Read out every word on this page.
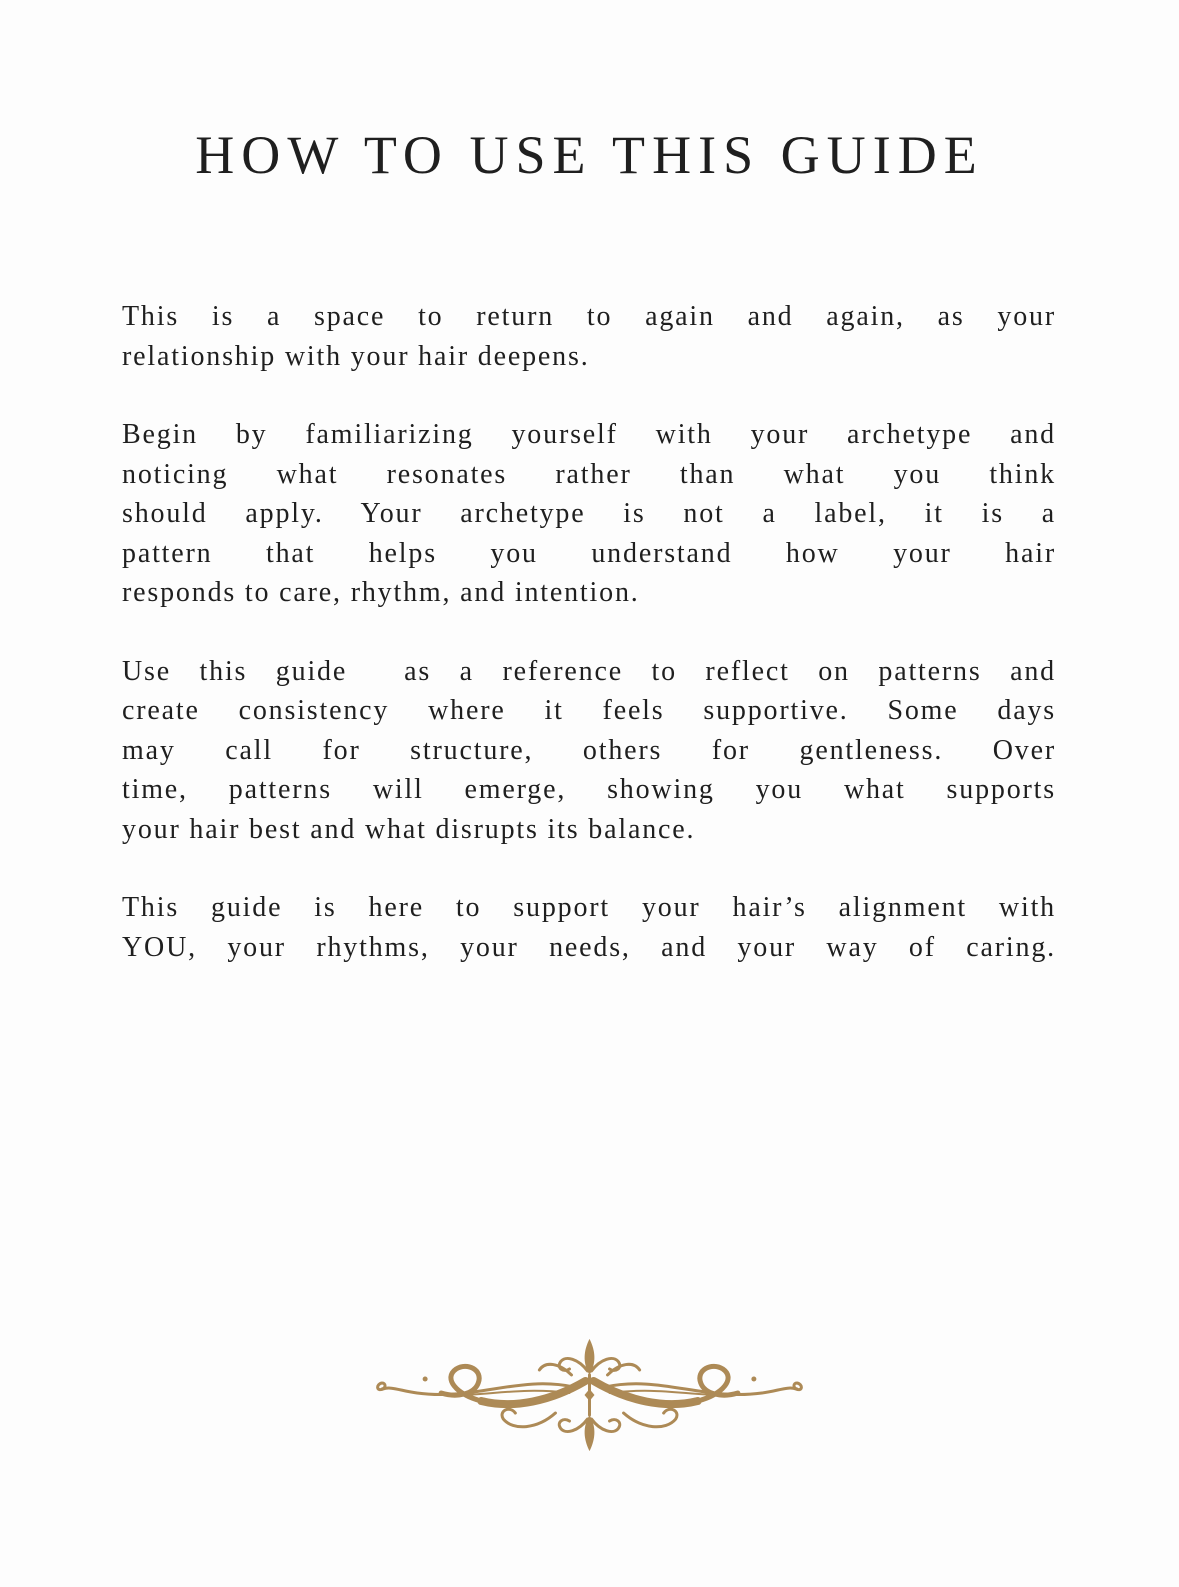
HOW TO USE THIS GUIDE
This is a space to return to again and again, as your
relationship with your hair deepens.
Begin by familiarizing yourself with your archetype and
noticing what resonates rather than what you think
should apply. Your archetype is not a label, it is a
pattern that helps you understand how your hair
responds to care, rhythm, and intention.
Use this guide  as a reference to reflect on patterns and
create consistency where it feels supportive. Some days
may call for structure, others for gentleness. Over
time, patterns will emerge, showing you what supports
your hair best and what disrupts its balance.
This guide is here to support your hair’s alignment with
YOU, your rhythms, your needs, and your way of caring.
